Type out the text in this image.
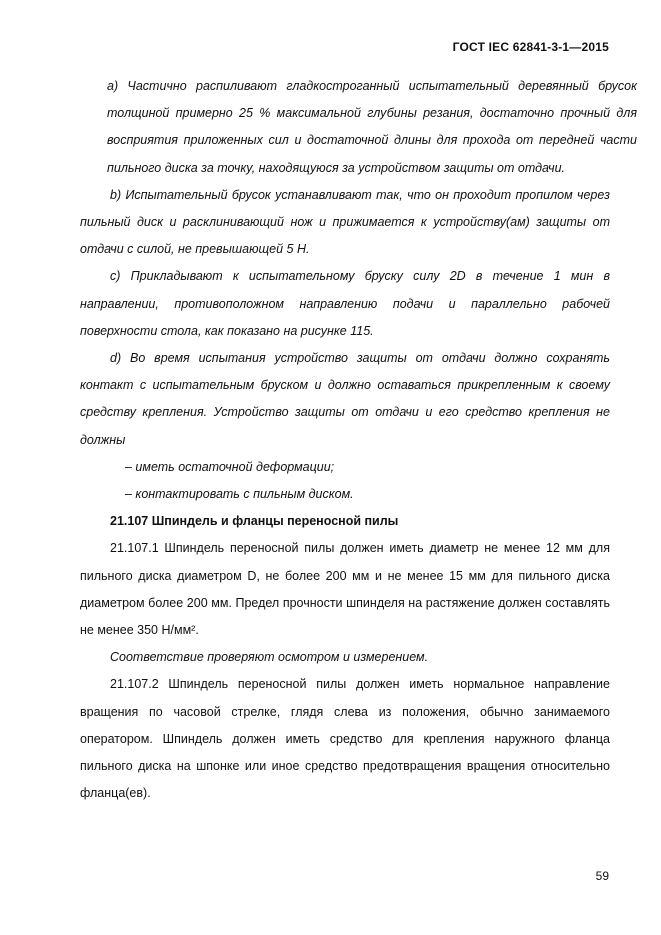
ГОСТ IEC 62841-3-1—2015

а) Частично распиливают гладкостроганный испытательный деревянный брусок толщиной примерно 25 % максимальной глубины резания, достаточно прочный для восприятия приложенных сил и достаточной длины для прохода от передней части пильного диска за точку, находящуюся за устройством защиты от отдачи.

b) Испытательный брусок устанавливают так, что он проходит пропилом через пильный диск и расклинивающий нож и прижимается к устройству(ам) защиты от отдачи с силой, не превышающей 5 Н.

с) Прикладывают к испытательному бруску силу 2D в течение 1 мин в направлении, противоположном направлению подачи и параллельно рабочей поверхности стола, как показано на рисунке 115.

d) Во время испытания устройство защиты от отдачи должно сохранять контакт с испытательным бруском и должно оставаться прикрепленным к своему средству крепления. Устройство защиты от отдачи и его средство крепления не должны

– иметь остаточной деформации;

– контактировать с пильным диском.

21.107 Шпиндель и фланцы переносной пилы

21.107.1 Шпиндель переносной пилы должен иметь диаметр не менее 12 мм для пильного диска диаметром D, не более 200 мм и не менее 15 мм для пильного диска диаметром более 200 мм. Предел прочности шпинделя на растяжение должен составлять не менее 350 Н/мм².

Соответствие проверяют осмотром и измерением.

21.107.2 Шпиндель переносной пилы должен иметь нормальное направление вращения по часовой стрелке, глядя слева из положения, обычно занимаемого оператором. Шпиндель должен иметь средство для крепления наружного фланца пильного диска на шпонке или иное средство предотвращения вращения относительно фланца(ев).

59
